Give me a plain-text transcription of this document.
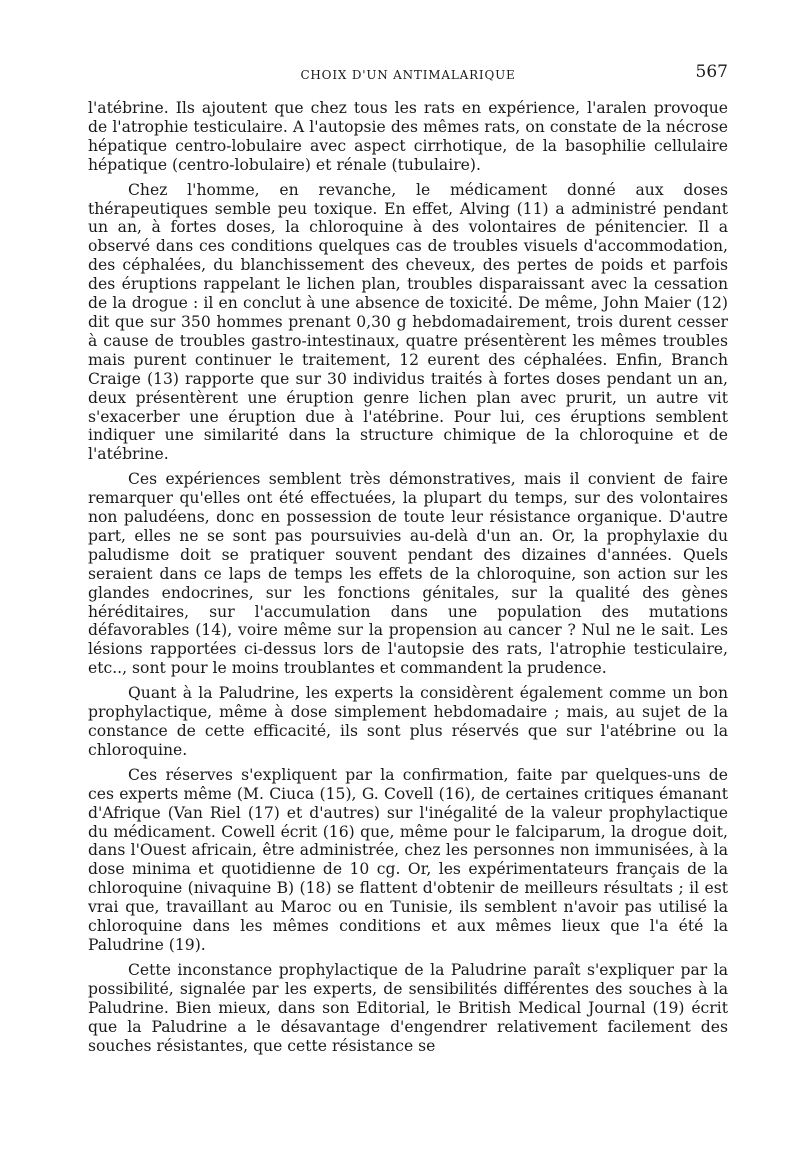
CHOIX D'UN ANTIMALARIQUE	567

l'atébrine. Ils ajoutent que chez tous les rats en expérience, l'aralen provoque de l'atrophie testiculaire. A l'autopsie des mêmes rats, on constate de la nécrose hépatique centro-lobulaire avec aspect cirrhotique, de la basophilie cellulaire hépatique (centro-lobulaire) et rénale (tubulaire).

Chez l'homme, en revanche, le médicament donné aux doses thérapeutiques semble peu toxique. En effet, Alving (11) a administré pendant un an, à fortes doses, la chloroquine à des volontaires de pénitencier. Il a observé dans ces conditions quelques cas de troubles visuels d'accommodation, des céphalées, du blanchissement des cheveux, des pertes de poids et parfois des éruptions rappelant le lichen plan, troubles disparaissant avec la cessation de la drogue : il en conclut à une absence de toxicité. De même, John Maier (12) dit que sur 350 hommes prenant 0,30 g hebdomadairement, trois durent cesser à cause de troubles gastro-intestinaux, quatre présentèrent les mêmes troubles mais purent continuer le traitement, 12 eurent des céphalées. Enfin, Branch Craige (13) rapporte que sur 30 individus traités à fortes doses pendant un an, deux présentèrent une éruption genre lichen plan avec prurit, un autre vit s'exacerber une éruption due à l'atébrine. Pour lui, ces éruptions semblent indiquer une similarité dans la structure chimique de la chloroquine et de l'atébrine.

Ces expériences semblent très démonstratives, mais il convient de faire remarquer qu'elles ont été effectuées, la plupart du temps, sur des volontaires non paludéens, donc en possession de toute leur résistance organique. D'autre part, elles ne se sont pas poursuivies au-delà d'un an. Or, la prophylaxie du paludisme doit se pratiquer souvent pendant des dizaines d'années. Quels seraient dans ce laps de temps les effets de la chloroquine, son action sur les glandes endocrines, sur les fonctions génitales, sur la qualité des gènes héréditaires, sur l'accumulation dans une population des mutations défavorables (14), voire même sur la propension au cancer ? Nul ne le sait. Les lésions rapportées ci-dessus lors de l'autopsie des rats, l'atrophie testiculaire, etc.., sont pour le moins troublantes et commandent la prudence.

Quant à la Paludrine, les experts la considèrent également comme un bon prophylactique, même à dose simplement hebdomadaire ; mais, au sujet de la constance de cette efficacité, ils sont plus réservés que sur l'atébrine ou la chloroquine.

Ces réserves s'expliquent par la confirmation, faite par quelques-uns de ces experts même (M. Ciuca (15), G. Covell (16), de certaines critiques émanant d'Afrique (Van Riel (17) et d'autres) sur l'inégalité de la valeur prophylactique du médicament. Cowell écrit (16) que, même pour le falciparum, la drogue doit, dans l'Ouest africain, être administrée, chez les personnes non immunisées, à la dose minima et quotidienne de 10 cg. Or, les expérimentateurs français de la chloroquine (nivaquine B) (18) se flattent d'obtenir de meilleurs résultats ; il est vrai que, travaillant au Maroc ou en Tunisie, ils semblent n'avoir pas utilisé la chloroquine dans les mêmes conditions et aux mêmes lieux que l'a été la Paludrine (19).

Cette inconstance prophylactique de la Paludrine paraît s'expliquer par la possibilité, signalée par les experts, de sensibilités différentes des souches à la Paludrine. Bien mieux, dans son Editorial, le British Medical Journal (19) écrit que la Paludrine a le désavantage d'engendrer relativement facilement des souches résistantes, que cette résistance se
